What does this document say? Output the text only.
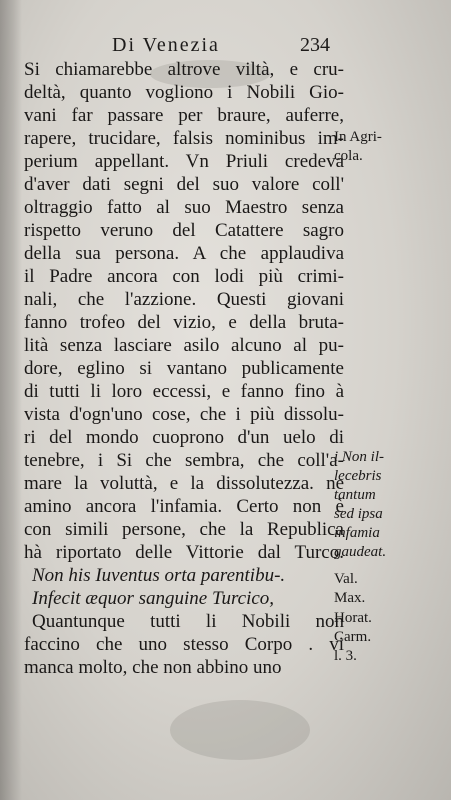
Di Venezia	234
Si chiamarebbe altrove viltà, e cru-
deltà, quanto vogliono i Nobili Gio-
vani far passare per braure, auferre,
rapere, trucidare, falsis nominibus im-
perium appellant. Vn Priuli credeva
d'aver dati segni del suo valore coll'
oltraggio fatto al suo Maestro senza
rispetto veruno del Catattere sagro
della sua persona. A che applaudiva
il Padre ancora con lodi più crimi-
nali, che l'azzione. Questi giovani
fanno trofeo del vizio, e della bruta-
lità senza lasciare asilo alcuno al pu-
dore, eglino si vantano publicamente
di tutti li loro eccessi, e fanno fino à
vista d'ogn'uno cose, che i più dissolu-
ri del mondo cuoprono d'un uelo di
tenebre, i Si che sembra, che coll'a-
mare la voluttà, e la dissolutezza. ne
amino ancora l'infamia. Certo non è
con simili persone, che la Republica
hà riportato delle Vittorie dal Turco.
Non his Iuventus orta parentibu-.
Infecit æquor sanguine Turcico,
Quantunque tutti li Nobili non
faccino che uno stesso Corpo . vi
manca molto, che non abbino uno
In Agri-
cola.
i Non il-
lecebris
tantum
sed ipsa
infamia
gaudeat.
Val.
Max.
Horat.
Carm.
l. 3.
